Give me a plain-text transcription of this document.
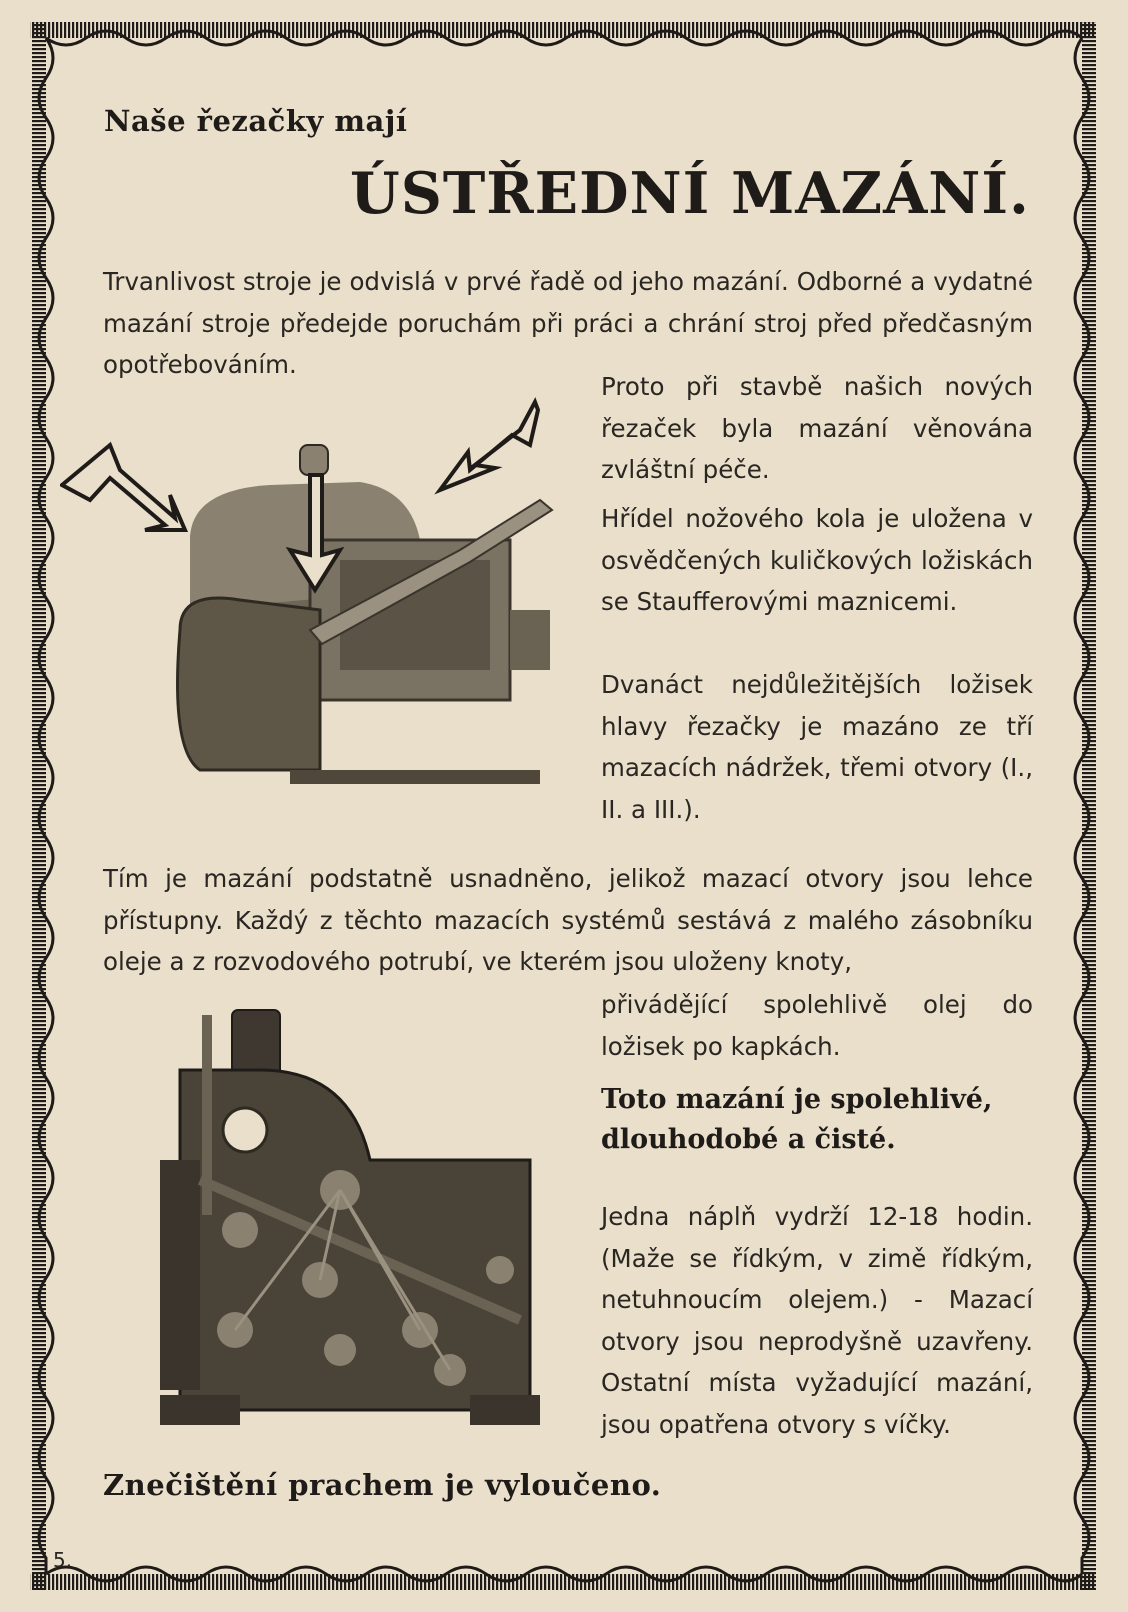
Naše řezačky mají
ÚSTŘEDNÍ MAZÁNÍ.

Trvanlivost stroje je odvislá v prvé řadě od jeho mazání. Odborné a vydatné mazání stroje předejde poruchám při práci a chrání stroj před předčasným opotřebováním.

Proto při stavbě našich nových řezaček byla mazání věnována zvláštní péče.

Hřídel nožového kola je uložena v osvědčených kuličkových ložiskách se Staufferovými maznicemi.

Dvanáct nejdůležitějších ložisek hlavy řezačky je mazáno ze tří mazacích nádržek, třemi otvory (I., II. a III.).

Tím je mazání podstatně usnadněno, jelikož mazací otvory jsou lehce přístupny. Každý z těchto mazacích systémů sestává z malého zásobníku oleje a z rozvodového potrubí, ve kterém jsou uloženy knoty,

přivádějící spolehlivě olej do ložisek po kapkách.

Toto mazání je spolehlivé, dlouhodobé a čisté.

Jedna náplň vydrží 12-18 hodin. (Maže se řídkým, v zimě řídkým, netuhnoucím olejem.) - Mazací otvory jsou neprodyšně uzavřeny. Ostatní místa vyžadující mazání, jsou opatřena otvory s víčky.

Znečištění prachem je vyloučeno.

5.
